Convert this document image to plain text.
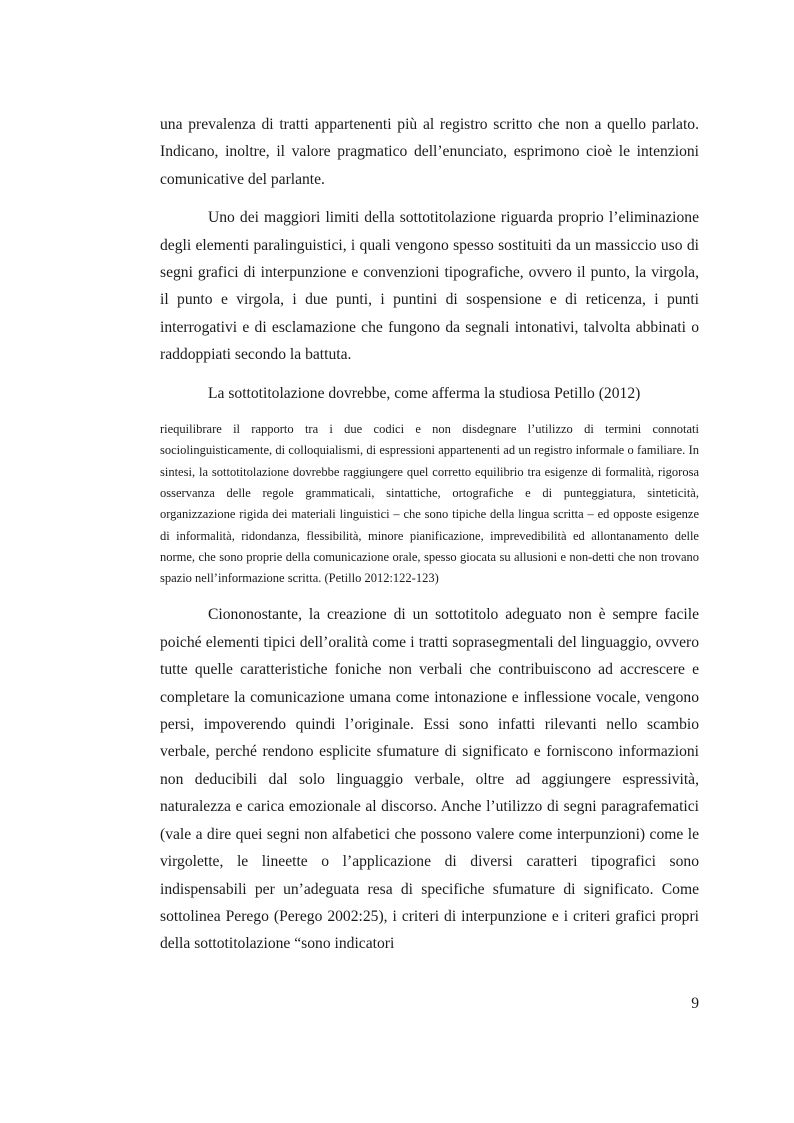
una prevalenza di tratti appartenenti più al registro scritto che non a quello parlato. Indicano, inoltre, il valore pragmatico dell’enunciato, esprimono cioè le intenzioni comunicative del parlante.

Uno dei maggiori limiti della sottotitolazione riguarda proprio l’eliminazione degli elementi paralinguistici, i quali vengono spesso sostituiti da un massiccio uso di segni grafici di interpunzione e convenzioni tipografiche, ovvero il punto, la virgola, il punto e virgola, i due punti, i puntini di sospensione e di reticenza, i punti interrogativi e di esclamazione che fungono da segnali intonativi, talvolta abbinati o raddoppiati secondo la battuta.

La sottotitolazione dovrebbe, come afferma la studiosa Petillo (2012)

riequilibrare il rapporto tra i due codici e non disdegnare l’utilizzo di termini connotati sociolinguisticamente, di colloquialismi, di espressioni appartenenti ad un registro informale o familiare. In sintesi, la sottotitolazione dovrebbe raggiungere quel corretto equilibrio tra esigenze di formalità, rigorosa osservanza delle regole grammaticali, sintattiche, ortografiche e di punteggiatura, sinteticità, organizzazione rigida dei materiali linguistici – che sono tipiche della lingua scritta – ed opposte esigenze di informalità, ridondanza, flessibilità, minore pianificazione, imprevedibilità ed allontanamento delle norme, che sono proprie della comunicazione orale, spesso giocata su allusioni e non-detti che non trovano spazio nell’informazione scritta. (Petillo 2012:122-123)

Ciononostante, la creazione di un sottotitolo adeguato non è sempre facile poiché elementi tipici dell’oralità come i tratti soprasegmentali del linguaggio, ovvero tutte quelle caratteristiche foniche non verbali che contribuiscono ad accrescere e completare la comunicazione umana come intonazione e inflessione vocale, vengono persi, impoverendo quindi l’originale. Essi sono infatti rilevanti nello scambio verbale, perché rendono esplicite sfumature di significato e forniscono informazioni non deducibili dal solo linguaggio verbale, oltre ad aggiungere espressività, naturalezza e carica emozionale al discorso. Anche l’utilizzo di segni paragrafematici (vale a dire quei segni non alfabetici che possono valere come interpunzioni) come le virgolette, le lineette o l’applicazione di diversi caratteri tipografici sono indispensabili per un’adeguata resa di specifiche sfumature di significato. Come sottolinea Perego (Perego 2002:25), i criteri di interpunzione e i criteri grafici propri della sottotitolazione “sono indicatori

9
